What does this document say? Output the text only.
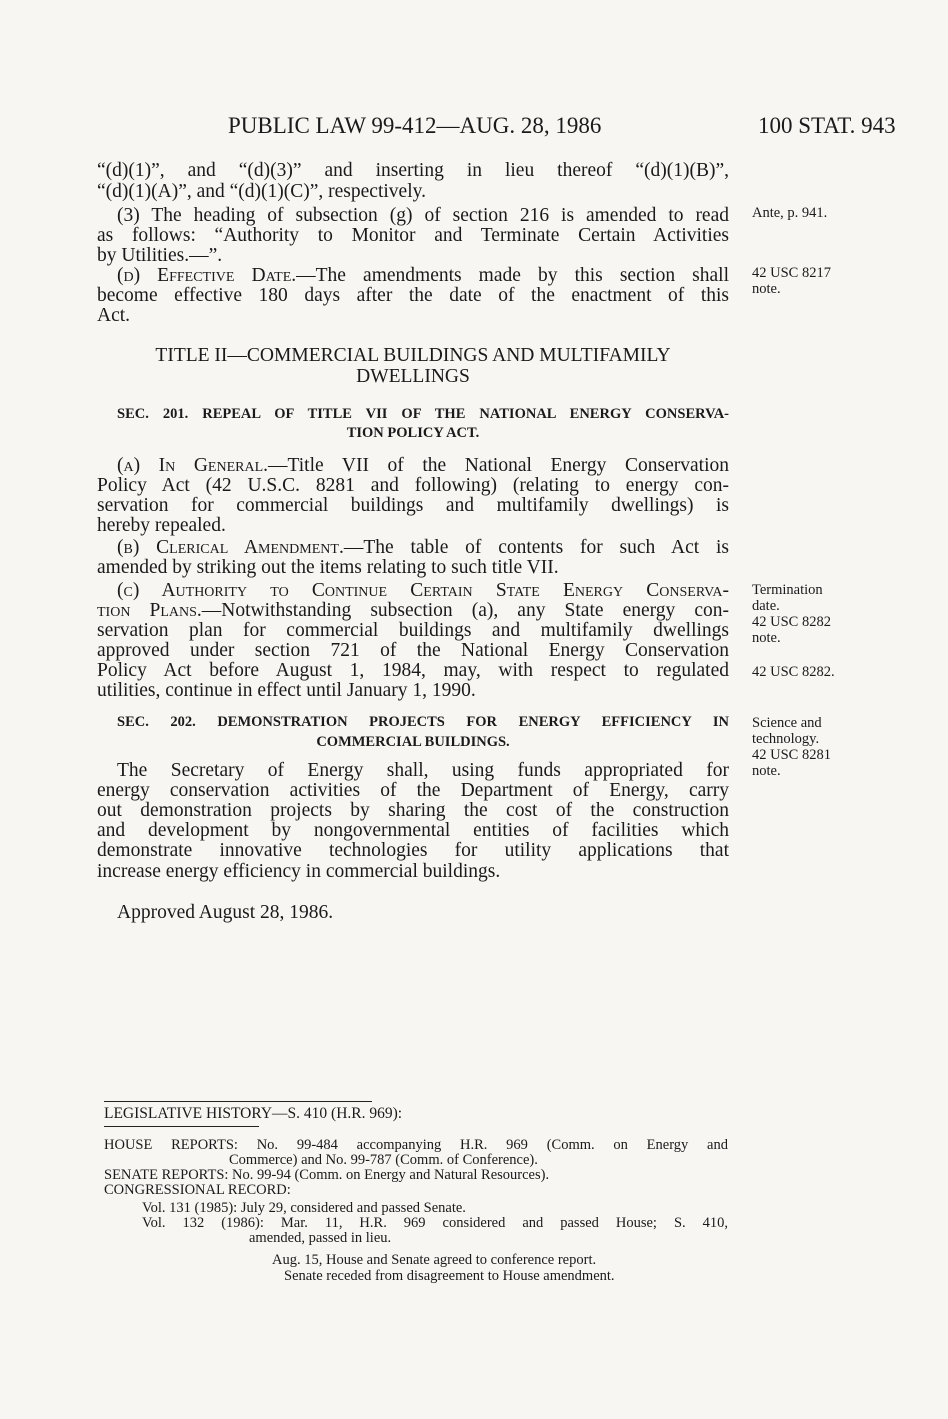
PUBLIC LAW 99-412—AUG. 28, 1986	100 STAT. 943
“(d)(1)”, and “(d)(3)” and inserting in lieu thereof “(d)(1)(B)”,
“(d)(1)(A)”, and “(d)(1)(C)”, respectively.
(3) The heading of subsection (g) of section 216 is amended to read
as follows: “Authority to Monitor and Terminate Certain Activities
by Utilities.—”.
(d) Effective Date.—The amendments made by this section shall
become effective 180 days after the date of the enactment of this
Act.
TITLE II—COMMERCIAL BUILDINGS AND MULTIFAMILY
DWELLINGS
SEC. 201. REPEAL OF TITLE VII OF THE NATIONAL ENERGY CONSERVA-
TION POLICY ACT.
(a) In General.—Title VII of the National Energy Conservation
Policy Act (42 U.S.C. 8281 and following) (relating to energy con-
servation for commercial buildings and multifamily dwellings) is
hereby repealed.
(b) Clerical Amendment.—The table of contents for such Act is
amended by striking out the items relating to such title VII.
(c) Authority to Continue Certain State Energy Conserva-
tion Plans.—Notwithstanding subsection (a), any State energy con-
servation plan for commercial buildings and multifamily dwellings
approved under section 721 of the National Energy Conservation
Policy Act before August 1, 1984, may, with respect to regulated
utilities, continue in effect until January 1, 1990.
SEC. 202. DEMONSTRATION PROJECTS FOR ENERGY EFFICIENCY IN
COMMERCIAL BUILDINGS.
The Secretary of Energy shall, using funds appropriated for
energy conservation activities of the Department of Energy, carry
out demonstration projects by sharing the cost of the construction
and development by nongovernmental entities of facilities which
demonstrate innovative technologies for utility applications that
increase energy efficiency in commercial buildings.
Approved August 28, 1986.
Ante, p. 941.
42 USC 8217
note.
Termination
date.
42 USC 8282
note.
42 USC 8282.
Science and
technology.
42 USC 8281
note.
LEGISLATIVE HISTORY—S. 410 (H.R. 969):
HOUSE REPORTS: No. 99-484 accompanying H.R. 969 (Comm. on Energy and
Commerce) and No. 99-787 (Comm. of Conference).
SENATE REPORTS: No. 99-94 (Comm. on Energy and Natural Resources).
CONGRESSIONAL RECORD:
Vol. 131 (1985): July 29, considered and passed Senate.
Vol. 132 (1986): Mar. 11, H.R. 969 considered and passed House; S. 410,
amended, passed in lieu.
Aug. 15, House and Senate agreed to conference report.
Senate receded from disagreement to House amendment.
